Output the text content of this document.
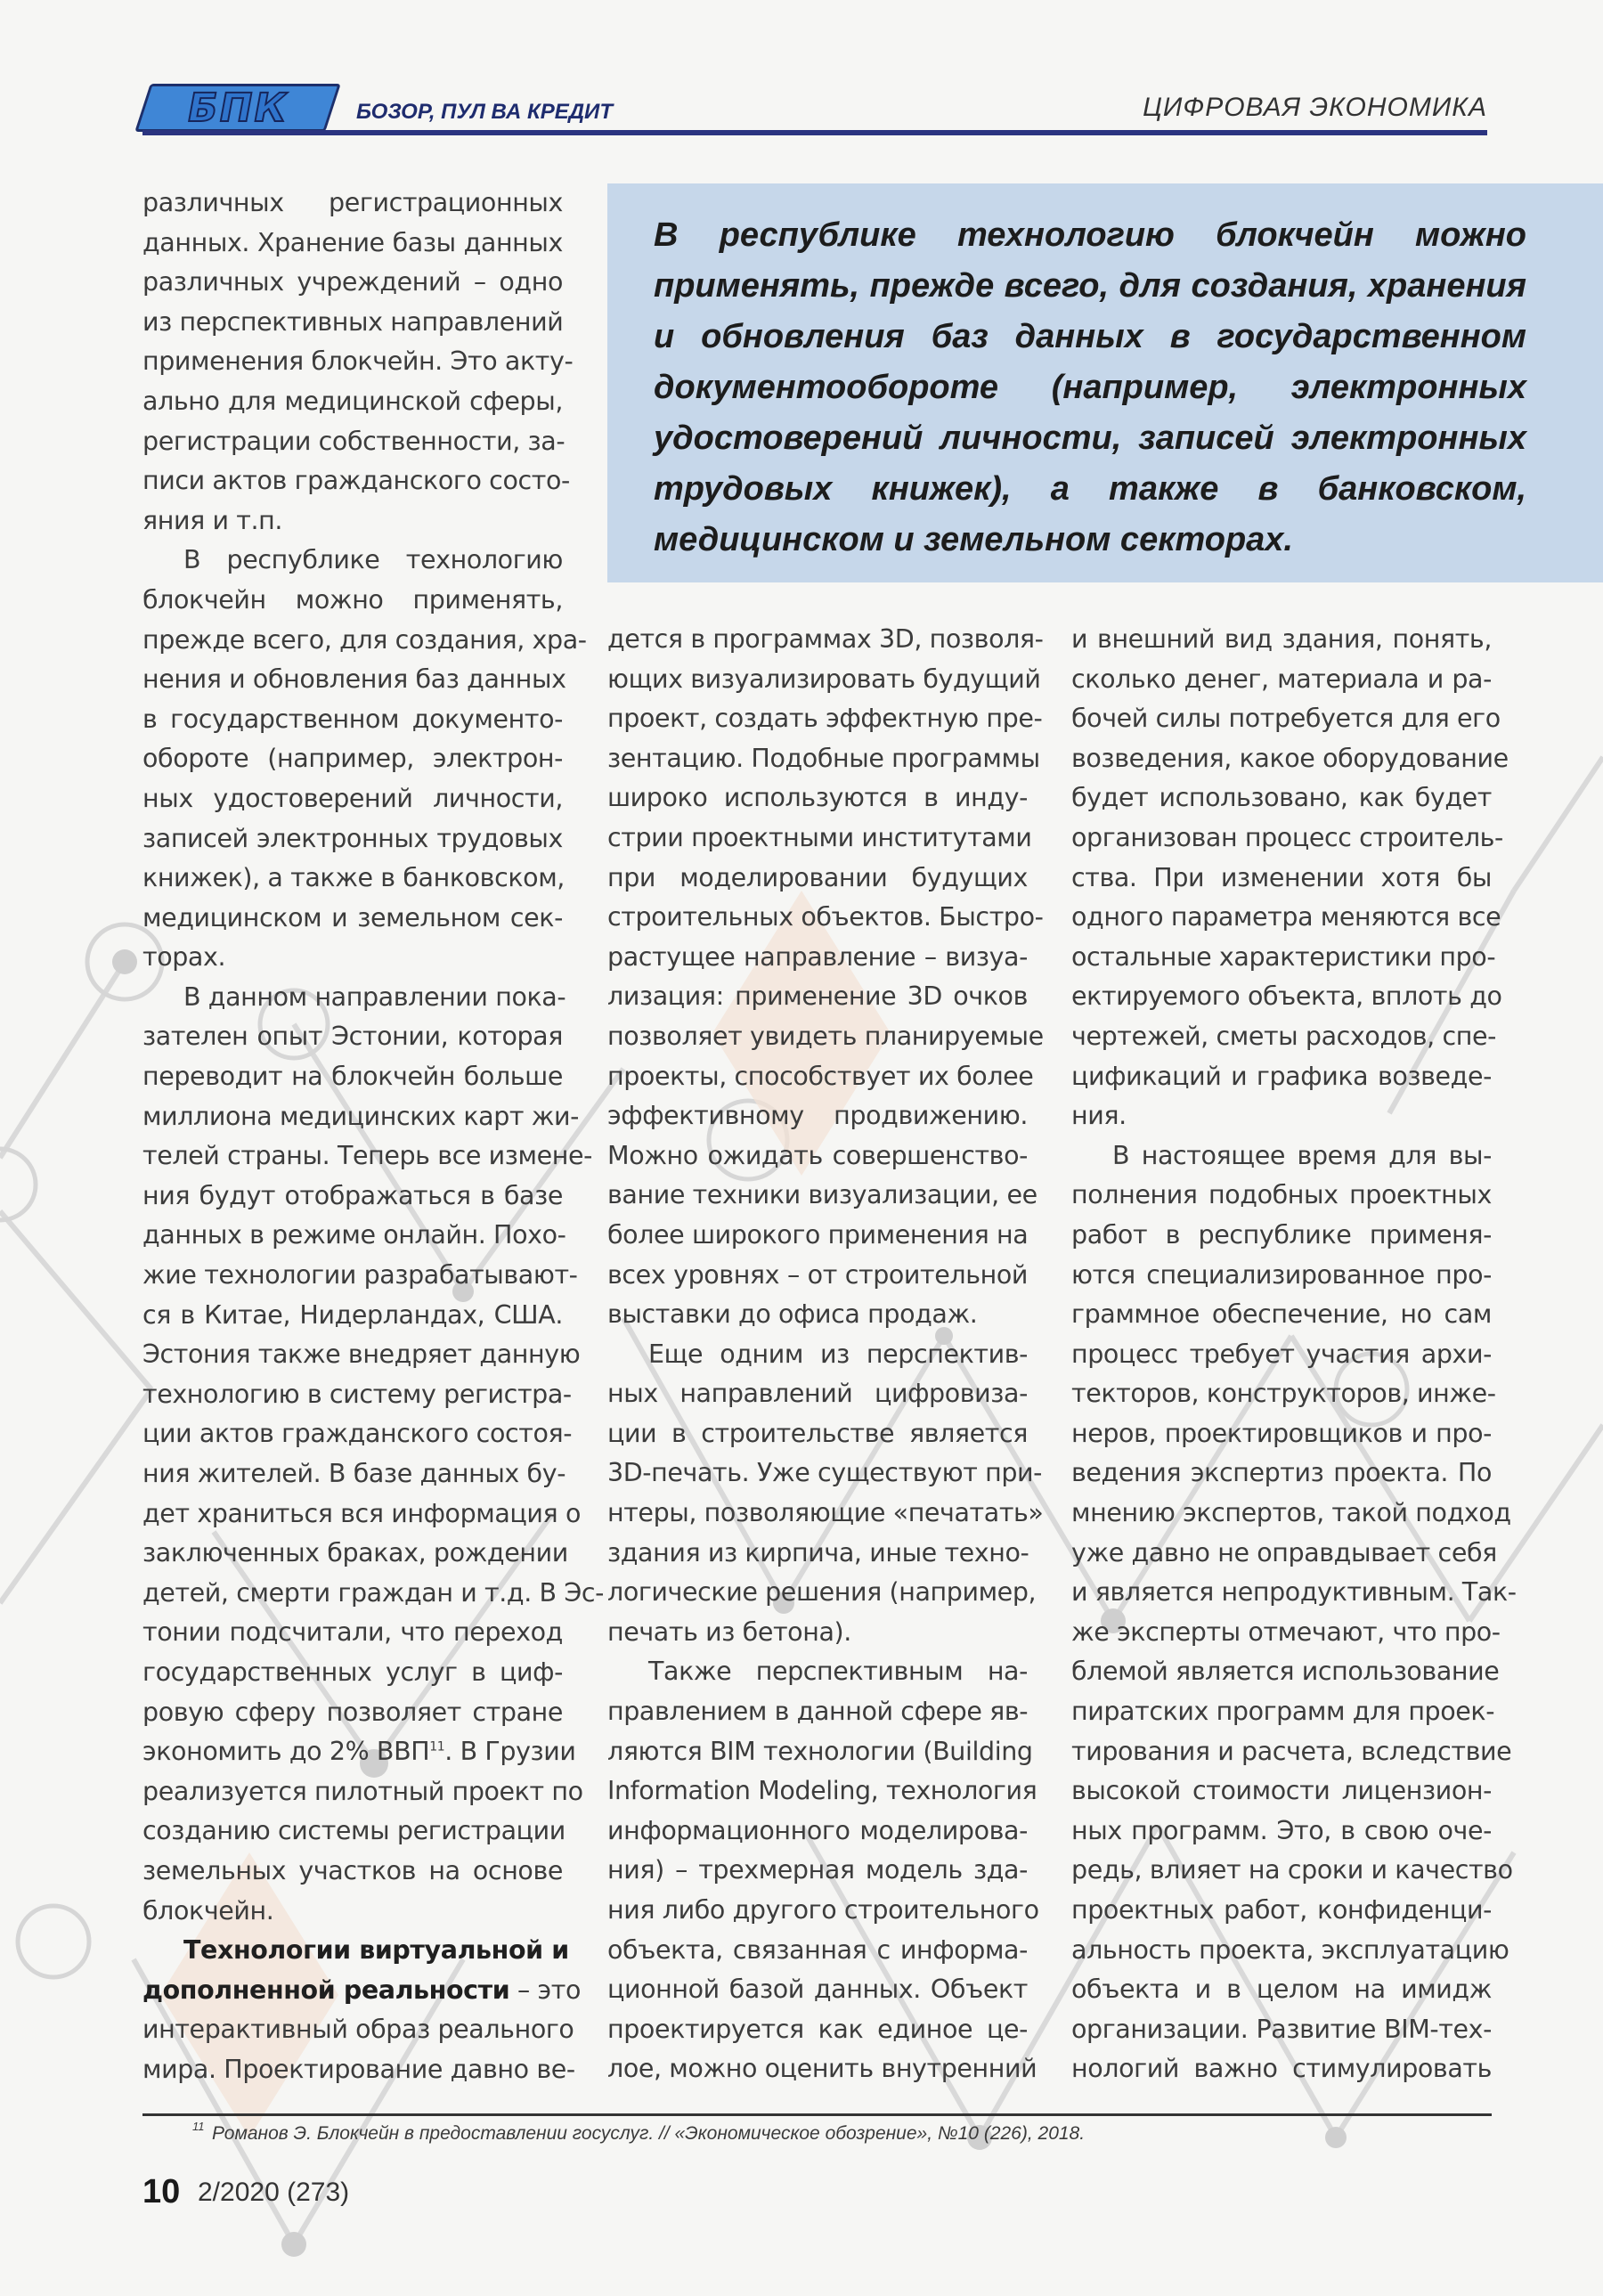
БПК	БОЗОР, ПУЛ ВА КРЕДИТ	ЦИФРОВАЯ ЭКОНОМИКА

В республике технологию блокчейн можно применять, прежде всего, для создания, хранения и обновления баз данных в государственном документообороте (например, электронных удостоверений личности, записей электронных трудовых книжек), а также в банковском, медицинском и земельном секторах.

различных регистрационных
данных. Хранение базы данных
различных учреждений – одно
из перспективных направлений
применения блокчейн. Это акту-
ально для медицинской сферы,
регистрации собственности, за-
писи актов гражданского состо-
яния и т.п.
В республике технологию
блокчейн можно применять,
прежде всего, для создания, хра-
нения и обновления баз данных
в государственном документо-
обороте (например, электрон-
ных удостоверений личности,
записей электронных трудовых
книжек), а также в банковском,
медицинском и земельном сек-
торах.
В данном направлении пока-
зателен опыт Эстонии, которая
переводит на блокчейн больше
миллиона медицинских карт жи-
телей страны. Теперь все измене-
ния будут отображаться в базе
данных в режиме онлайн. Похо-
жие технологии разрабатывают-
ся в Китае, Нидерландах, США.
Эстония также внедряет данную
технологию в систему регистра-
ции актов гражданского состоя-
ния жителей. В базе данных бу-
дет храниться вся информация о
заключенных браках, рождении
детей, смерти граждан и т.д. В Эс-
тонии подсчитали, что переход
государственных услуг в циф-
ровую сферу позволяет стране
экономить до 2% ВВП$^{11}$. В Грузии
реализуется пилотный проект по
созданию системы регистрации
земельных участков на основе
блокчейн.
Технологии виртуальной и
дополненной реальности – это
интерактивный образ реального
мира. Проектирование давно ве-
дется в программах 3D, позволя-
ющих визуализировать будущий
проект, создать эффектную пре-
зентацию. Подобные программы
широко используются в инду-
стрии проектными институтами
при моделировании будущих
строительных объектов. Быстро-
растущее направление – визуа-
лизация: применение 3D очков
позволяет увидеть планируемые
проекты, способствует их более
эффективному продвижению.
Можно ожидать совершенство-
вание техники визуализации, ее
более широкого применения на
всех уровнях – от строительной
выставки до офиса продаж.
Еще одним из перспектив-
ных направлений цифровиза-
ции в строительстве является
3D-печать. Уже существуют при-
нтеры, позволяющие «печатать»
здания из кирпича, иные техно-
логические решения (например,
печать из бетона).
Также перспективным на-
правлением в данной сфере яв-
ляются BIM технологии (Building
Information Modeling, технология
информационного моделирова-
ния) – трехмерная модель зда-
ния либо другого строительного
объекта, связанная с информа-
ционной базой данных. Объект
проектируется как единое це-
лое, можно оценить внутренний
и внешний вид здания, понять,
сколько денег, материала и ра-
бочей силы потребуется для его
возведения, какое оборудование
будет использовано, как будет
организован процесс строитель-
ства. При изменении хотя бы
одного параметра меняются все
остальные характеристики про-
ектируемого объекта, вплоть до
чертежей, сметы расходов, спе-
цификаций и графика возведе-
ния.
В настоящее время для вы-
полнения подобных проектных
работ в республике применя-
ются специализированное про-
граммное обеспечение, но сам
процесс требует участия архи-
текторов, конструкторов, инже-
неров, проектировщиков и про-
ведения экспертиз проекта. По
мнению экспертов, такой подход
уже давно не оправдывает себя
и является непродуктивным. Так-
же эксперты отмечают, что про-
блемой является использование
пиратских программ для проек-
тирования и расчета, вследствие
высокой стоимости лицензион-
ных программ. Это, в свою оче-
редь, влияет на сроки и качество
проектных работ, конфиденци-
альность проекта, эксплуатацию
объекта и в целом на имидж
организации. Развитие BIM-тех-
нологий важно стимулировать
11 Романов Э. Блокчейн в предоставлении госуслуг. // «Экономическое обозрение», №10 (226), 2018.
10 2/2020 (273)
